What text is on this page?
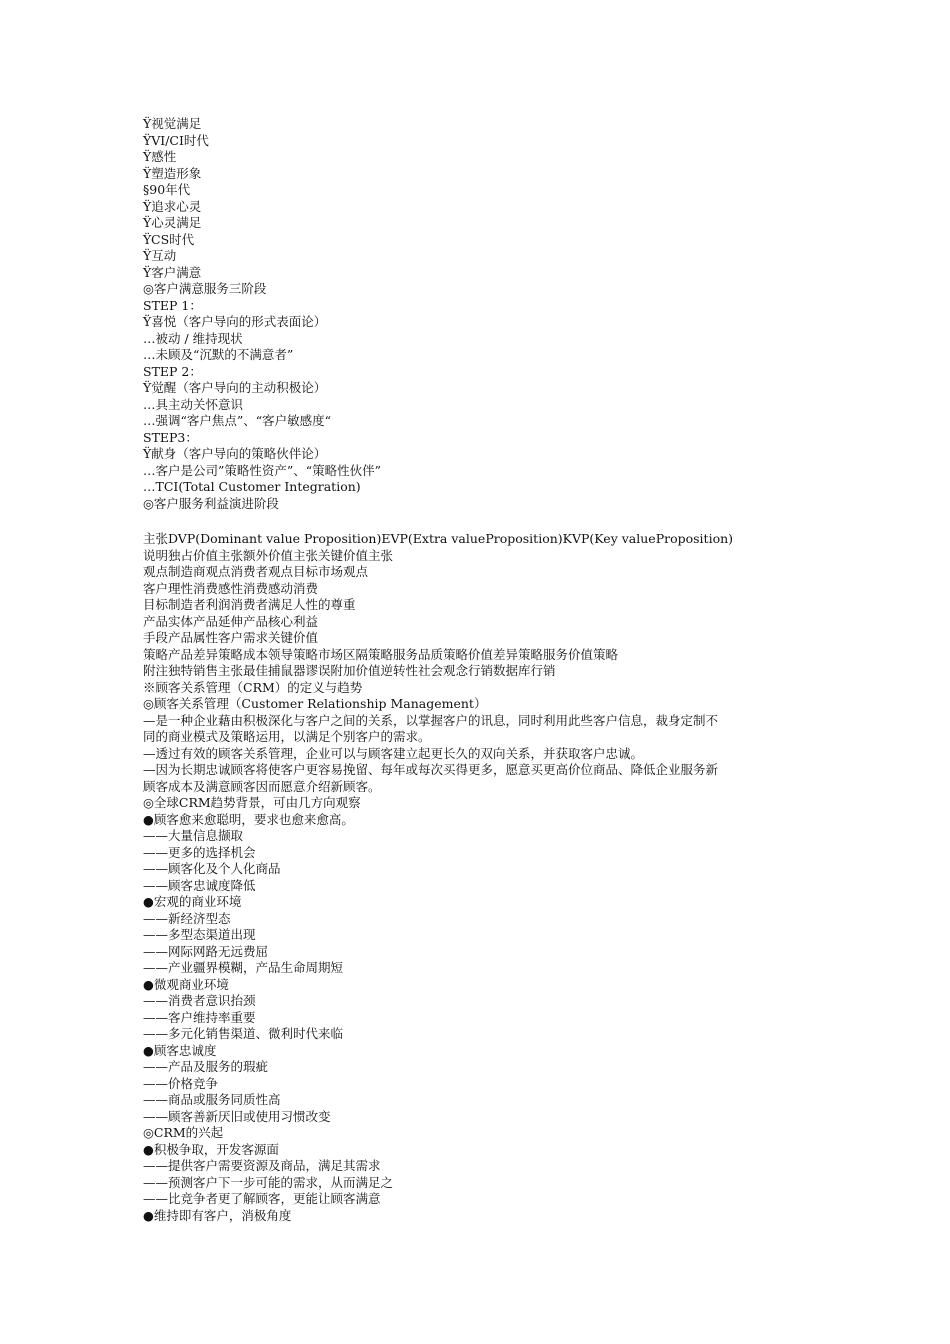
Ÿ视觉满足
ŸVI/CI时代
Ÿ感性
Ÿ塑造形象
§90年代
Ÿ追求心灵
Ÿ心灵满足
ŸCS时代
Ÿ互动
Ÿ客户满意
◎客户满意服务三阶段
STEP 1：
Ÿ喜悦（客户导向的形式表面论）
…被动 / 维持现状
…未顾及“沉默的不满意者”
STEP 2：
Ÿ觉醒（客户导向的主动积极论）
…具主动关怀意识
…强调“客户焦点”、“客户敏感度“
STEP3：
Ÿ献身（客户导向的策略伙伴论）
…客户是公司”策略性资产”、“策略性伙伴”
…TCI(Total Customer Integration)
◎客户服务利益演进阶段
主张DVP(Dominant value Proposition)EVP(Extra valueProposition)KVP(Key valueProposition)
说明独占价值主张额外价值主张关键价值主张
观点制造商观点消费者观点目标市场观点
客户理性消费感性消费感动消费
目标制造者利润消费者满足人性的尊重
产品实体产品延伸产品核心利益
手段产品属性客户需求关键价值
策略产品差异策略成本领导策略市场区隔策略服务品质策略价值差异策略服务价值策略
附注独特销售主张最佳捕鼠器谬误附加价值逆转性社会观念行销数据库行销
※顾客关系管理（CRM）的定义与趋势
◎顾客关系管理（Customer Relationship Management）
—是一种企业藉由积极深化与客户之间的关系，以掌握客户的讯息，同时利用此些客户信息，裁身定制不
同的商业模式及策略运用，以满足个别客户的需求。
—透过有效的顾客关系管理，企业可以与顾客建立起更长久的双向关系，并获取客户忠诚。
—因为长期忠诚顾客将使客户更容易挽留、每年或每次买得更多，愿意买更高价位商品、降低企业服务新
顾客成本及满意顾客因而愿意介绍新顾客。
◎全球CRM趋势背景，可由几方向观察
●顾客愈来愈聪明，要求也愈来愈高。
——大量信息撷取
——更多的选择机会
——顾客化及个人化商品
——顾客忠诚度降低
●宏观的商业环境
——新经济型态
——多型态渠道出现
——网际网路无远费屈
——产业疆界模糊，产品生命周期短
●微观商业环境
——消费者意识抬颈
——客户维持率重要
——多元化销售渠道、微利时代来临
●顾客忠诚度
——产品及服务的瑕疵
——价格竞争
——商品或服务同质性高
——顾客善新厌旧或使用习惯改变
◎CRM的兴起
●积极争取，开发客源面
——提供客户需要资源及商品，满足其需求
——预测客户下一步可能的需求，从而满足之
——比竞争者更了解顾客，更能让顾客满意
●维持即有客户，消极角度
